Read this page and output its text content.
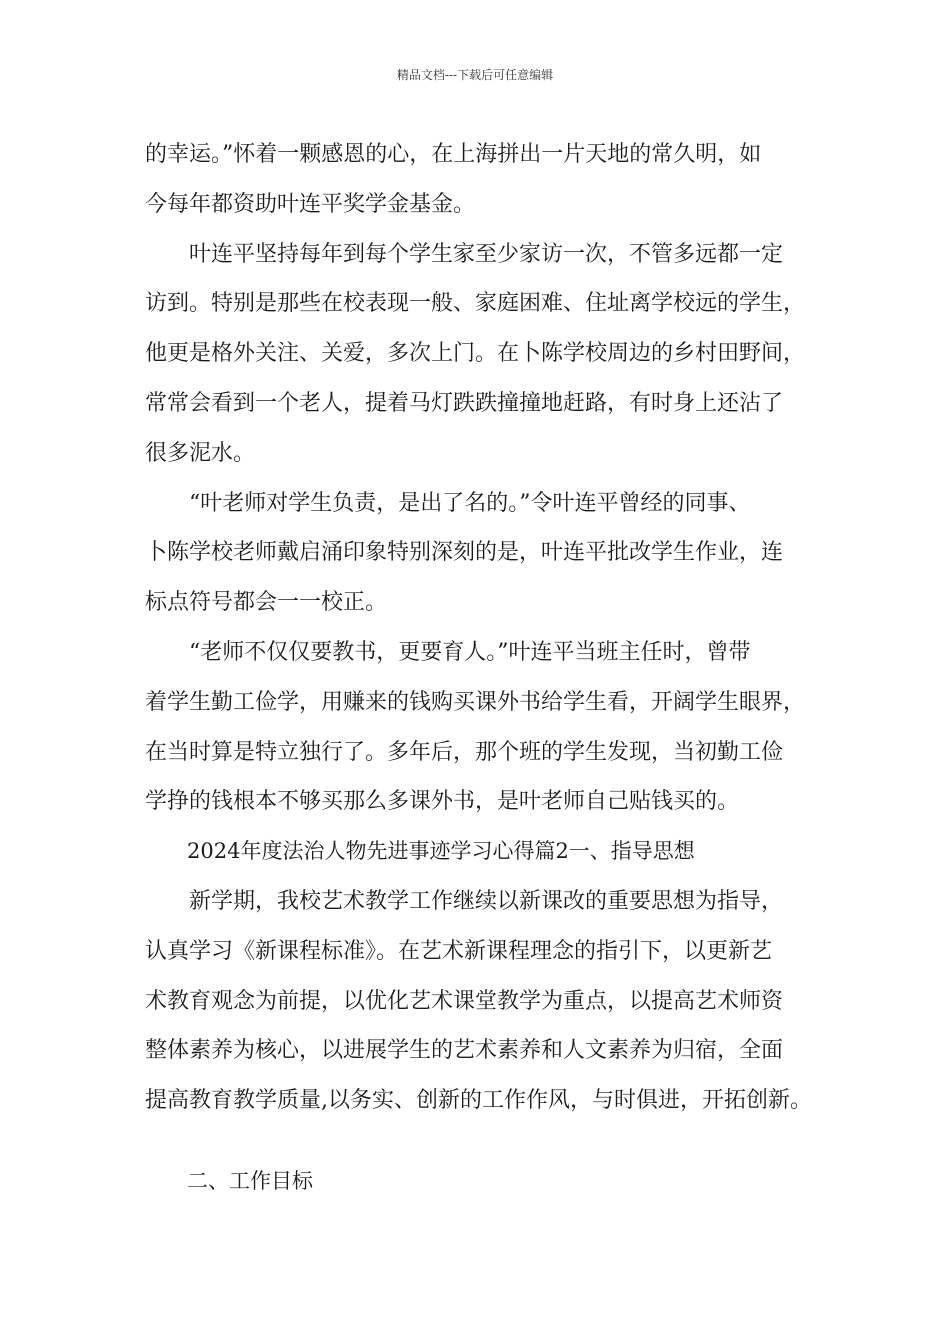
精品文档---下载后可任意编辑
的幸运。”怀着一颗感恩的心，在上海拼出一片天地的常久明，如
今每年都资助叶连平奖学金基金。
　　叶连平坚持每年到每个学生家至少家访一次，不管多远都一定
访到。特别是那些在校表现一般、家庭困难、住址离学校远的学生，
他更是格外关注、关爱，多次上门。在卜陈学校周边的乡村田野间，
常常会看到一个老人，提着马灯跌跌撞撞地赶路，有时身上还沾了
很多泥水。
　　“叶老师对学生负责，是出了名的。”令叶连平曾经的同事、
卜陈学校老师戴启涌印象特别深刻的是，叶连平批改学生作业，连
标点符号都会一一校正。
　　“老师不仅仅要教书，更要育人。”叶连平当班主任时，曾带
着学生勤工俭学，用赚来的钱购买课外书给学生看，开阔学生眼界，
在当时算是特立独行了。多年后，那个班的学生发现，当初勤工俭
学挣的钱根本不够买那么多课外书，是叶老师自己贴钱买的。
　　2024年度法治人物先进事迹学习心得篇2一、指导思想
　　新学期，我校艺术教学工作继续以新课改的重要思想为指导，
认真学习《新课程标准》。在艺术新课程理念的指引下，以更新艺
术教育观念为前提，以优化艺术课堂教学为重点，以提高艺术师资
整体素养为核心，以进展学生的艺术素养和人文素养为归宿，全面
提高教育教学质量,以务实、创新的工作作风，与时俱进，开拓创新。
　　二、工作目标
